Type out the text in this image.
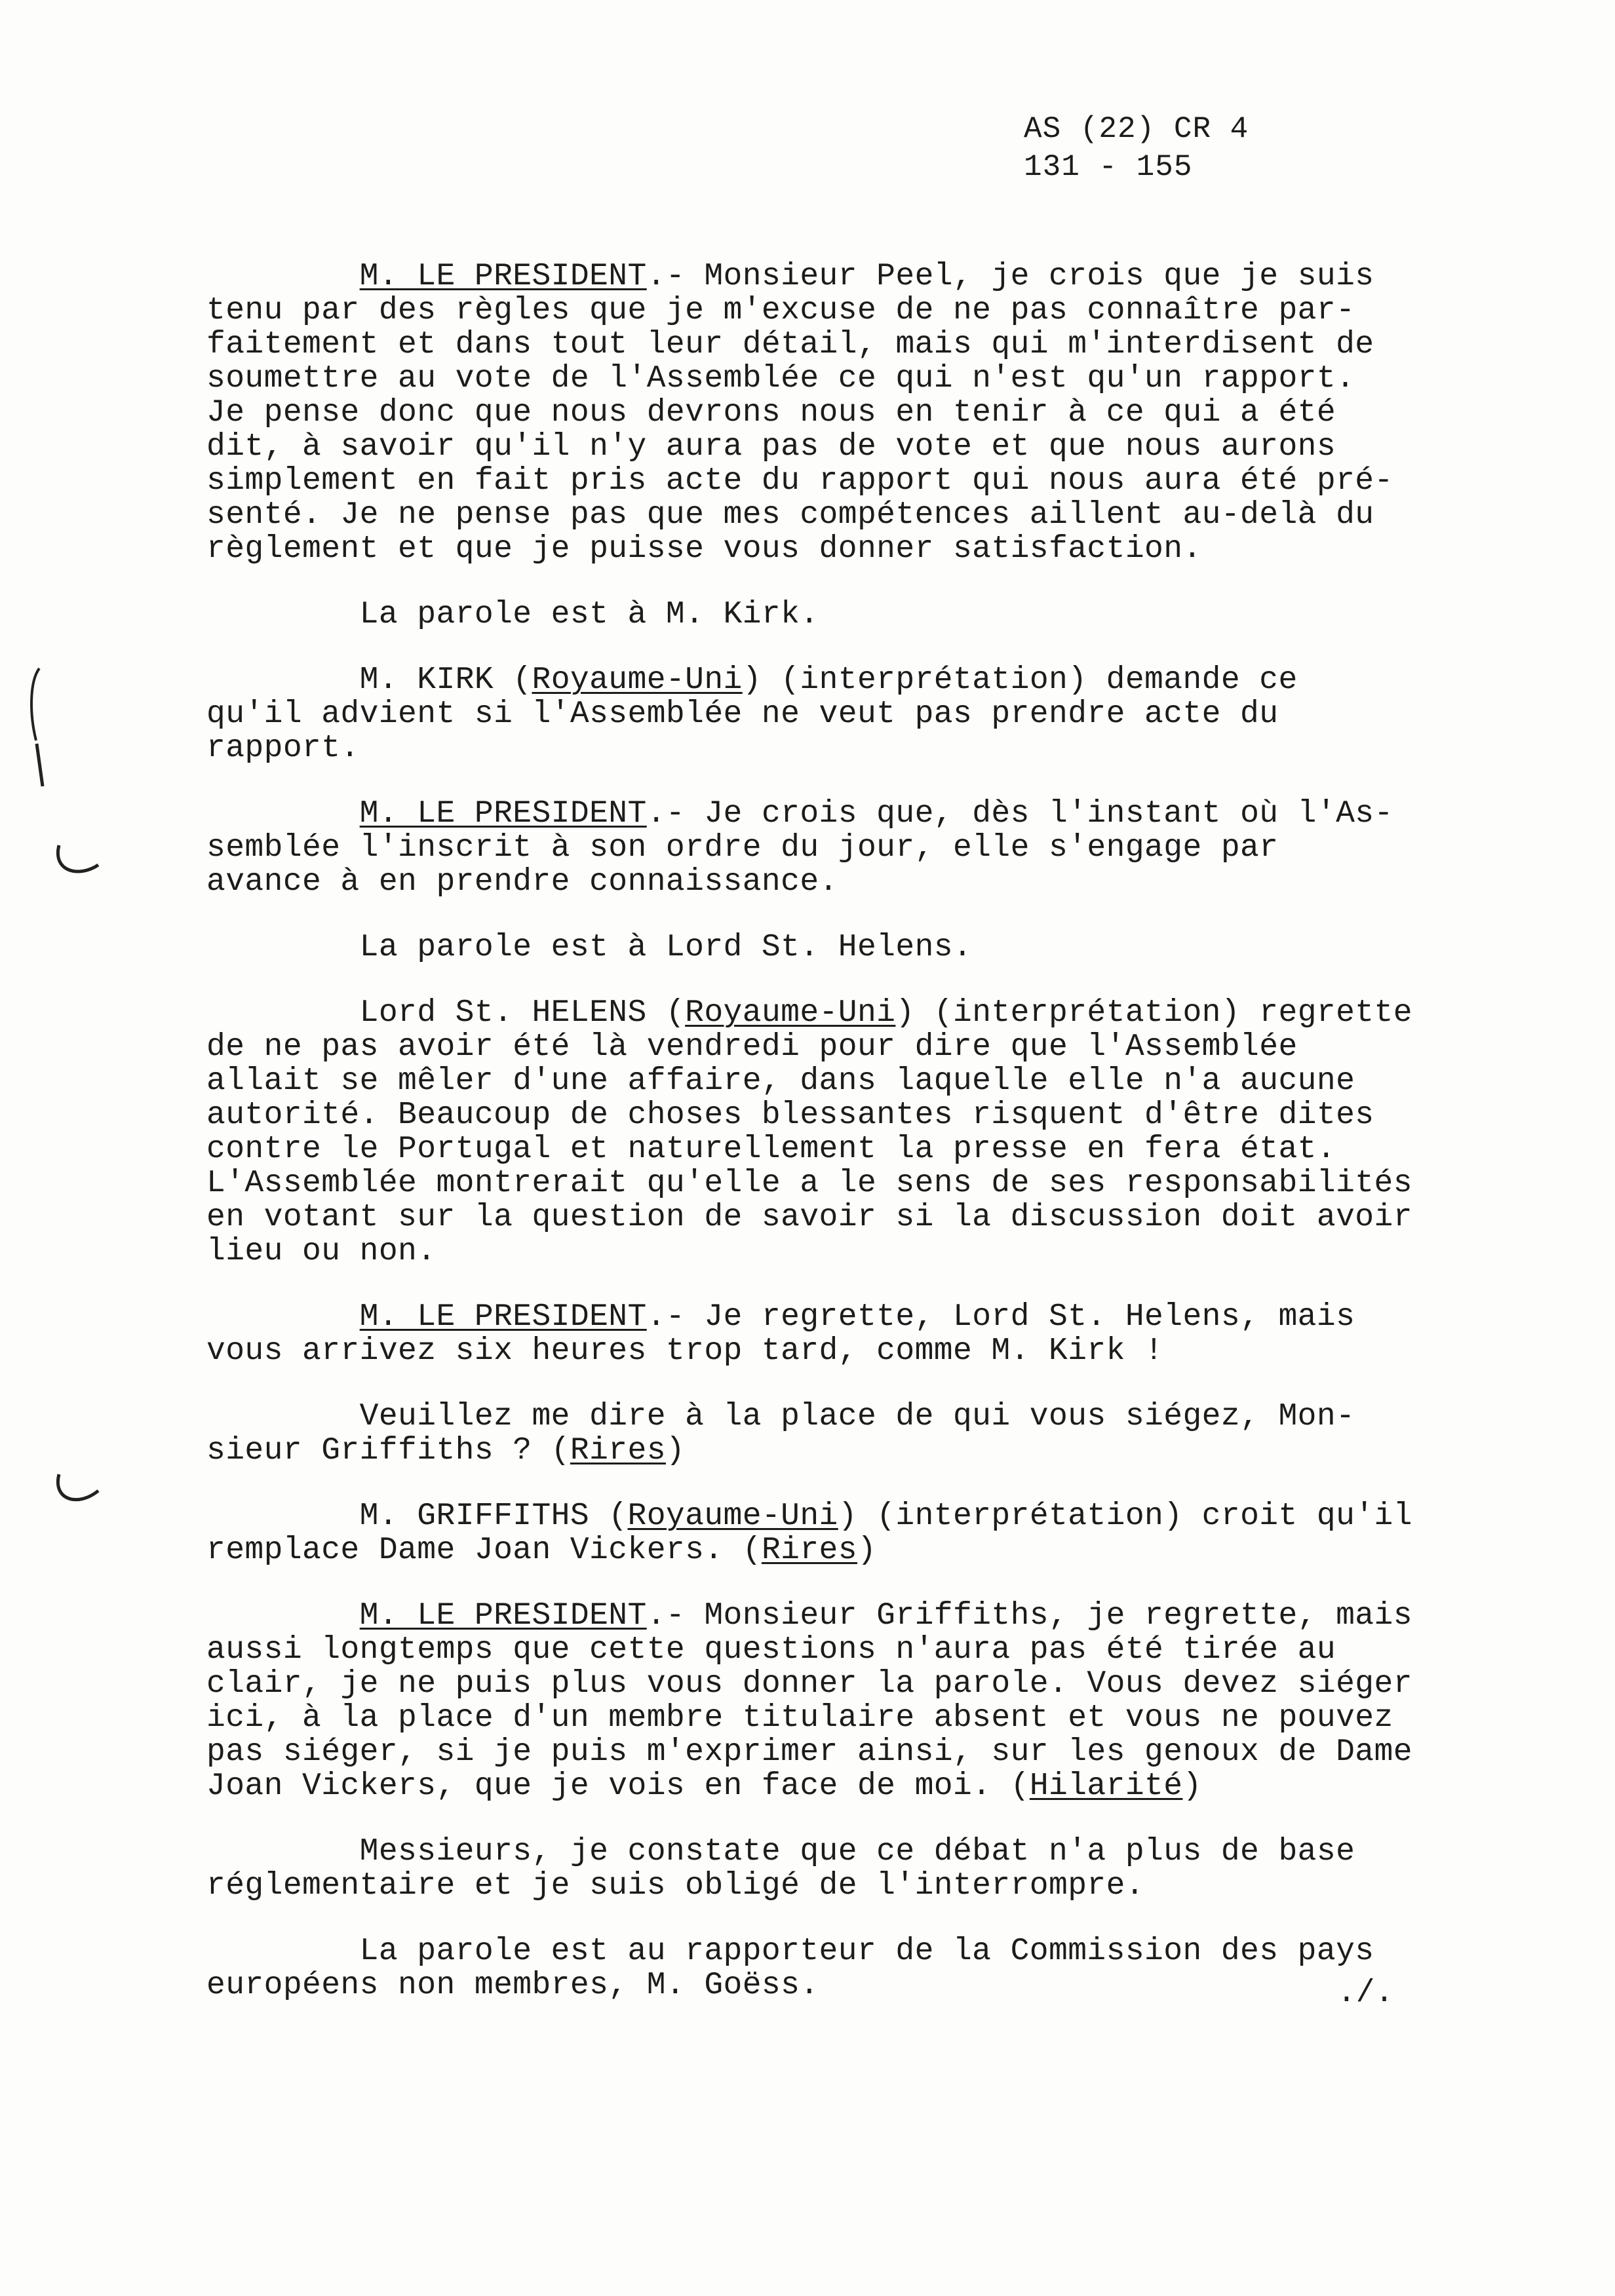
AS (22) CR 4
131 - 155
M. LE PRESIDENT.- Monsieur Peel, je crois que je suis
tenu par des règles que je m'excuse de ne pas connaître par-
faitement et dans tout leur détail, mais qui m'interdisent de
soumettre au vote de l'Assemblée ce qui n'est qu'un rapport.
Je pense donc que nous devrons nous en tenir à ce qui a été
dit, à savoir qu'il n'y aura pas de vote et que nous aurons
simplement en fait pris acte du rapport qui nous aura été pré-
senté. Je ne pense pas que mes compétences aillent au-delà du
règlement et que je puisse vous donner satisfaction.
La parole est à M. Kirk.
M. KIRK (Royaume-Uni) (interprétation) demande ce
qu'il advient si l'Assemblée ne veut pas prendre acte du
rapport.
M. LE PRESIDENT.- Je crois que, dès l'instant où l'As-
semblée l'inscrit à son ordre du jour, elle s'engage par
avance à en prendre connaissance.
La parole est à Lord St. Helens.
Lord St. HELENS (Royaume-Uni) (interprétation) regrette
de ne pas avoir été là vendredi pour dire que l'Assemblée
allait se mêler d'une affaire, dans laquelle elle n'a aucune
autorité. Beaucoup de choses blessantes risquent d'être dites
contre le Portugal et naturellement la presse en fera état.
L'Assemblée montrerait qu'elle a le sens de ses responsabilités
en votant sur la question de savoir si la discussion doit avoir
lieu ou non.
M. LE PRESIDENT.- Je regrette, Lord St. Helens, mais
vous arrivez six heures trop tard, comme M. Kirk !
Veuillez me dire à la place de qui vous siégez, Mon-
sieur Griffiths ? (Rires)
M. GRIFFITHS (Royaume-Uni) (interprétation) croit qu'il
remplace Dame Joan Vickers. (Rires)
M. LE PRESIDENT.- Monsieur Griffiths, je regrette, mais
aussi longtemps que cette questions n'aura pas été tirée au
clair, je ne puis plus vous donner la parole. Vous devez siéger
ici, à la place d'un membre titulaire absent et vous ne pouvez
pas siéger, si je puis m'exprimer ainsi, sur les genoux de Dame
Joan Vickers, que je vois en face de moi. (Hilarité)
Messieurs, je constate que ce débat n'a plus de base
réglementaire et je suis obligé de l'interrompre.
La parole est au rapporteur de la Commission des pays
européens non membres, M. Goëss.	./.
